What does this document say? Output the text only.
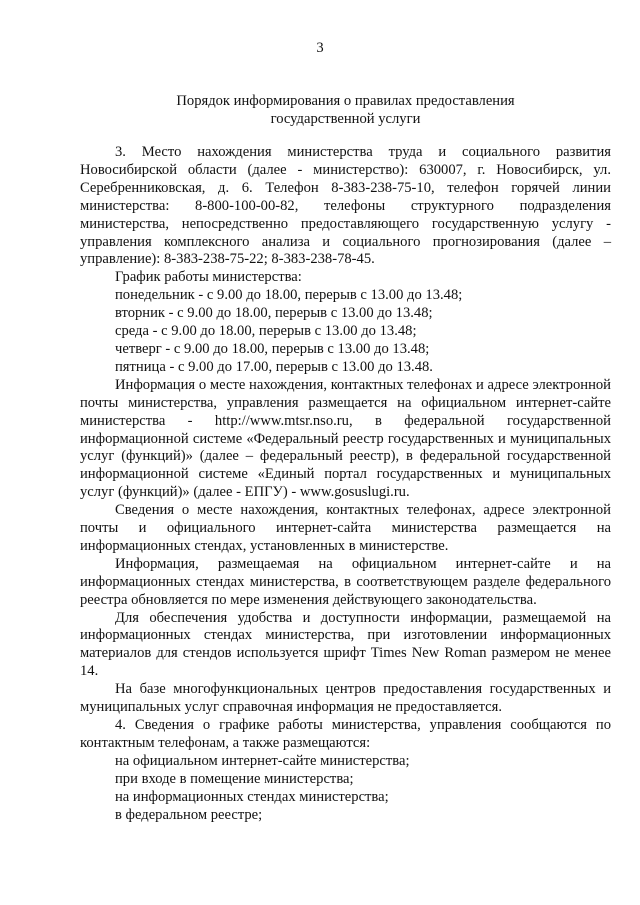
3
Порядок информирования о правилах предоставления
государственной услуги

3. Место нахождения министерства труда и социального развития Новосибирской области (далее - министерство): 630007, г. Новосибирск, ул. Серебренниковская, д. 6. Телефон 8-383-238-75-10, телефон горячей линии министерства: 8-800-100-00-82, телефоны структурного подразделения министерства, непосредственно предоставляющего государственную услугу - управления комплексного анализа и социального прогнозирования (далее – управление): 8-383-238-75-22; 8-383-238-78-45.

График работы министерства:

понедельник - с 9.00 до 18.00, перерыв с 13.00 до 13.48;

вторник - с 9.00 до 18.00, перерыв с 13.00 до 13.48;

среда - с 9.00 до 18.00, перерыв с 13.00 до 13.48;

четверг - с 9.00 до 18.00, перерыв с 13.00 до 13.48;

пятница - с 9.00 до 17.00, перерыв с 13.00 до 13.48.

Информация о месте нахождения, контактных телефонах и адресе электронной почты министерства, управления размещается на официальном интернет-сайте министерства - http://www.mtsr.nso.ru, в федеральной государственной информационной системе «Федеральный реестр государственных и муниципальных услуг (функций)» (далее – федеральный реестр), в федеральной государственной информационной системе «Единый портал государственных и муниципальных услуг (функций)» (далее - ЕПГУ) - www.gosuslugi.ru.

Сведения о месте нахождения, контактных телефонах, адресе электронной почты и официального интернет-сайта министерства размещается на информационных стендах, установленных в министерстве.

Информация, размещаемая на официальном интернет-сайте и на информационных стендах министерства, в соответствующем разделе федерального реестра обновляется по мере изменения действующего законодательства.

Для обеспечения удобства и доступности информации, размещаемой на информационных стендах министерства, при изготовлении информационных материалов для стендов используется шрифт Times New Roman размером не менее 14.

На базе многофункциональных центров предоставления государственных и муниципальных услуг справочная информация не предоставляется.

4. Сведения о графике работы министерства, управления сообщаются по контактным телефонам, а также размещаются:

на официальном интернет-сайте министерства;

при входе в помещение министерства;

на информационных стендах министерства;

в федеральном реестре;
